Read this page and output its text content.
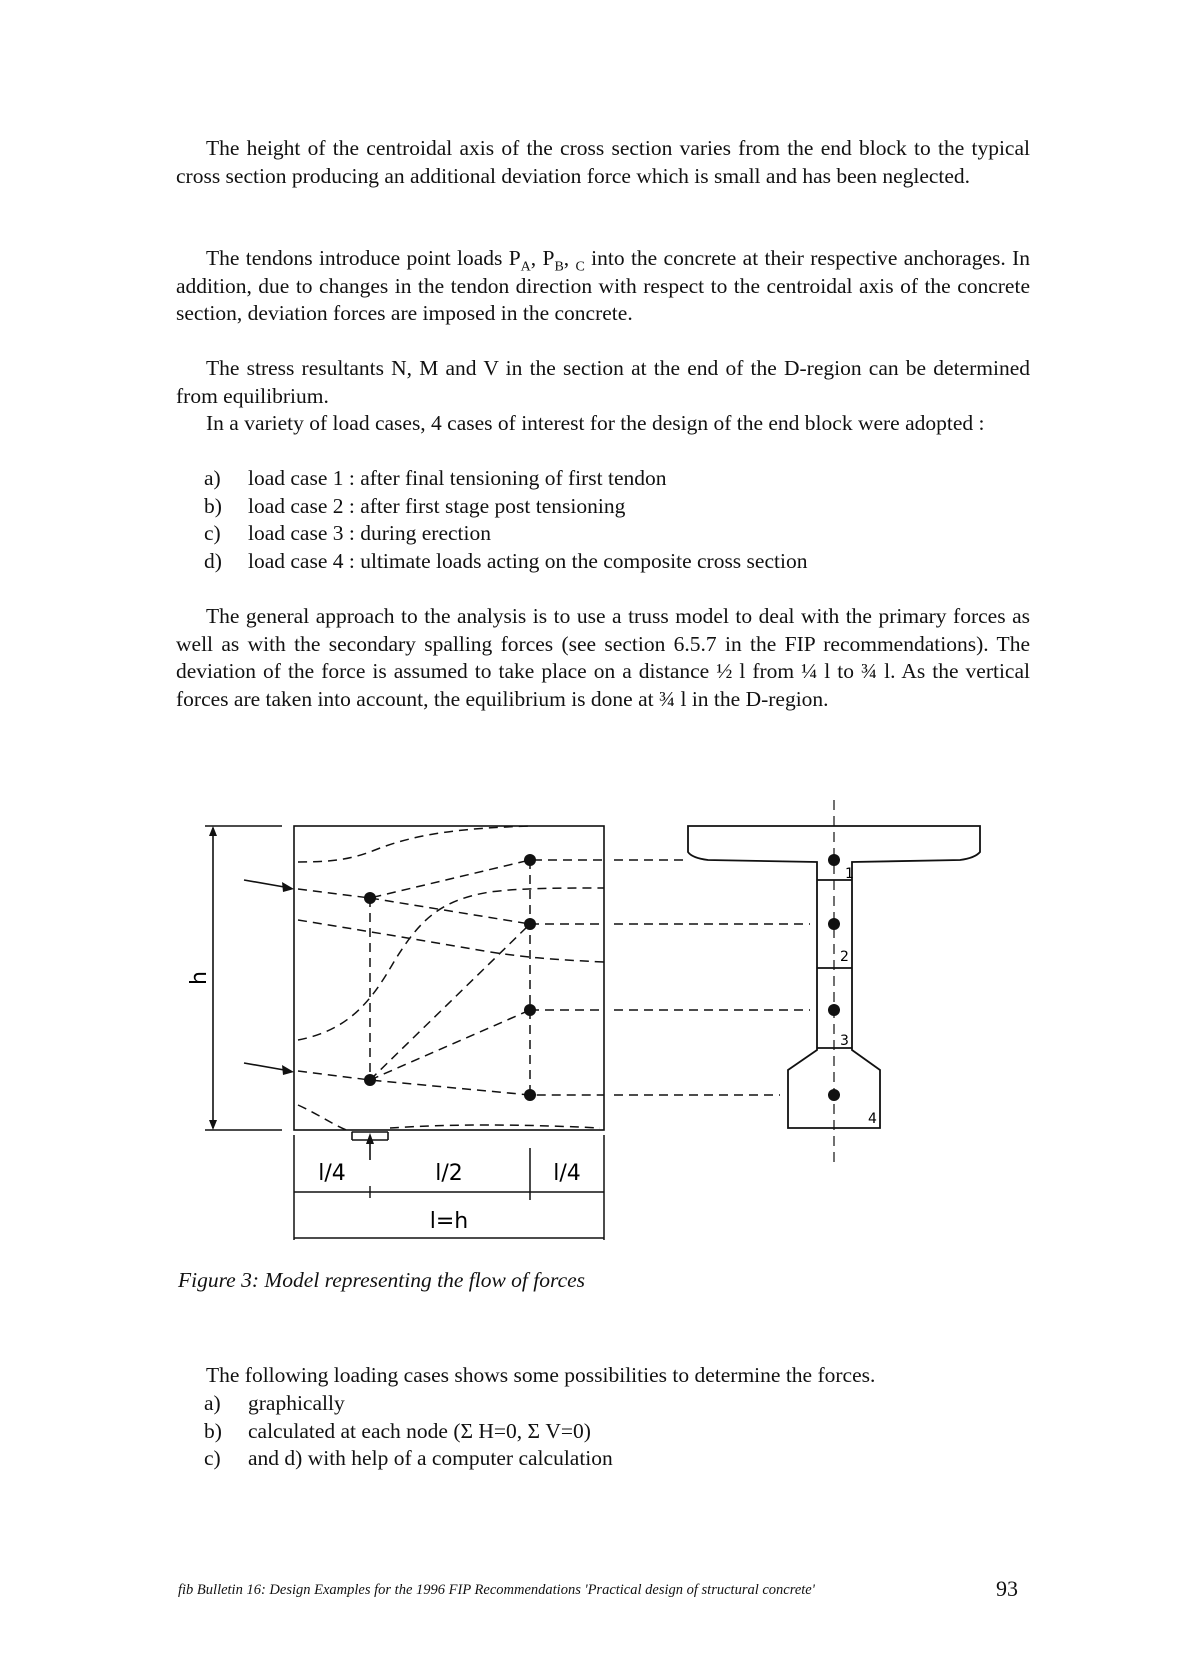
The height of the centroidal axis of the cross section varies from the end block to the typical cross section producing an additional deviation force which is small and has been neglected.

The tendons introduce point loads $P_A$, $P_B$, $_C$ into the concrete at their respective anchorages. In addition, due to changes in the tendon direction with respect to the centroidal axis of the concrete section, deviation forces are imposed in the concrete.

The stress resultants N, M and V in the section at the end of the D-region can be determined from equilibrium.

In a variety of load cases, 4 cases of interest for the design of the end block were adopted :

a) load case 1 : after final tensioning of first tendon
b) load case 2 : after first stage post tensioning
c) load case 3 : during erection
d) load case 4 : ultimate loads acting on the composite cross section

The general approach to the analysis is to use a truss model to deal with the primary forces as well as with the secondary spalling forces (see section 6.5.7 in the FIP recommendations). The deviation of the force is assumed to take place on a distance ½ l from ¼ l to ¾ l. As the vertical forces are taken into account, the equilibrium is done at ¾ l in the D-region.

l/4	l/2	l/4
l=h
h
1
2
3
4
Figure 3: Model representing the flow of forces

The following loading cases shows some possibilities to determine the forces.

a) graphically
b) calculated at each node (Σ H=0, Σ V=0)
c) and d) with help of a computer calculation
fib Bulletin 16: Design Examples for the 1996 FIP Recommendations 'Practical design of structural concrete'	93
